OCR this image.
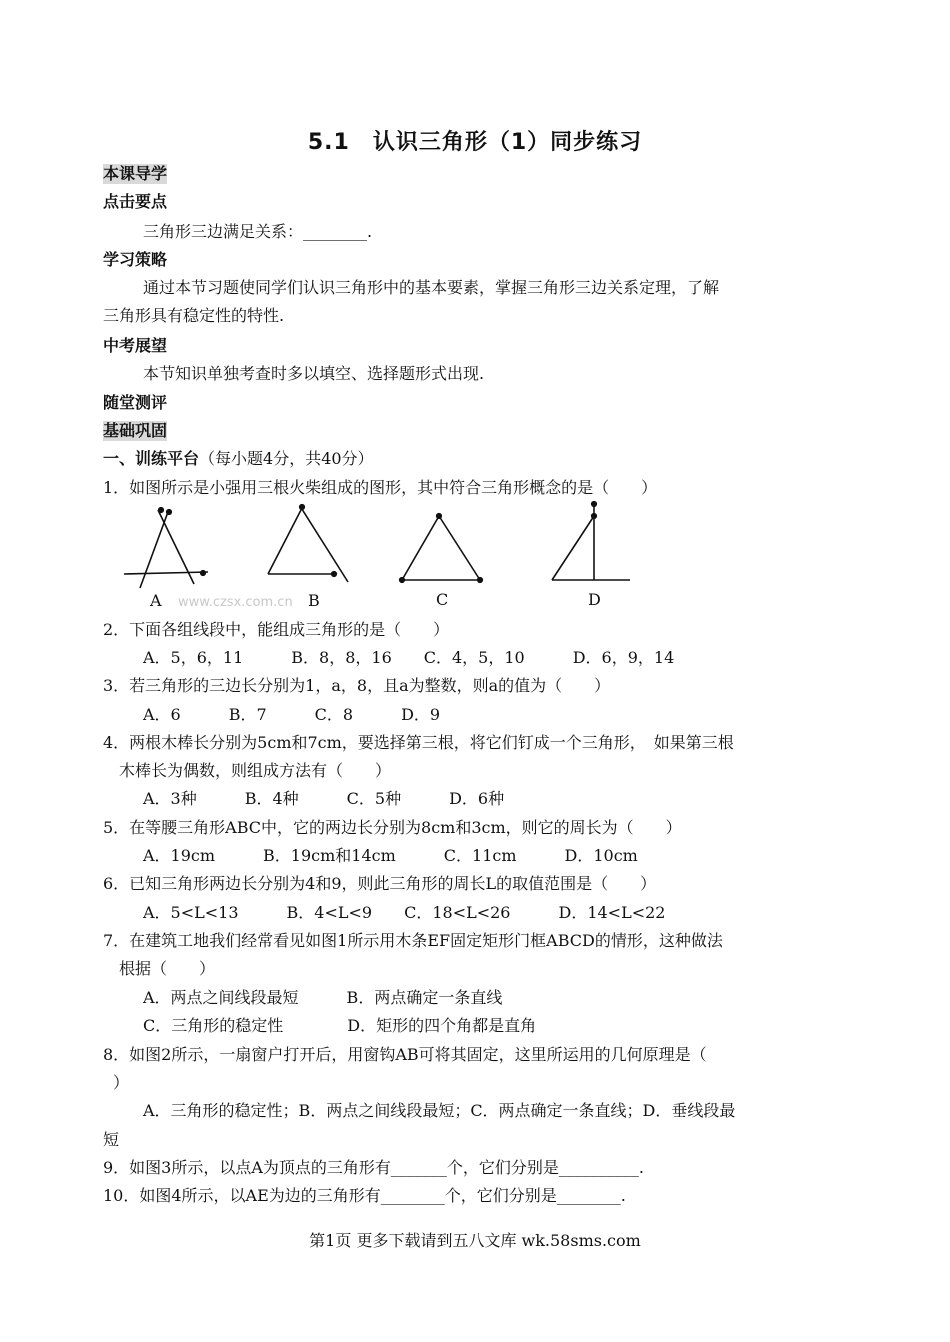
5.1　认识三角形（1）同步练习
本课导学
点击要点
三角形三边满足关系：________.
学习策略
通过本节习题使同学们认识三角形中的基本要素，掌握三角形三边关系定理，了解
三角形具有稳定性的特性.
中考展望
本节知识单独考查时多以填空、选择题形式出现.
随堂测评
基础巩固
一、训练平台（每小题4分，共40分）
1．如图所示是小强用三根火柴组成的图形，其中符合三角形概念的是（　　）
www.czsx.com.cn
A	B	C	D
2．下面各组线段中，能组成三角形的是（　　）
A．5，6，11　　　B．8，8，16　　C．4，5，10　　　D．6，9，14
3．若三角形的三边长分别为1，a，8，且a为整数，则a的值为（　　）
A．6　　　B．7　　　C．8　　　D．9
4．两根木棒长分别为5cm和7cm，要选择第三根，将它们钉成一个三角形，　如果第三根
木棒长为偶数，则组成方法有（　　）
A．3种　　　B．4种　　　C．5种　　　D．6种
5．在等腰三角形ABC中，它的两边长分别为8cm和3cm，则它的周长为（　　）
A．19cm　　　B．19cm和14cm　　　C．11cm　　　D．10cm
6．已知三角形两边长分别为4和9，则此三角形的周长L的取值范围是（　　）
A．5<L<13　　　B．4<L<9　　C．18<L<26　　　D．14<L<22
7．在建筑工地我们经常看见如图1所示用木条EF固定矩形门框ABCD的情形，这种做法
根据（　　）
A．两点之间线段最短　　　B．两点确定一条直线
C．三角形的稳定性　　　　D．矩形的四个角都是直角
8．如图2所示，一扇窗户打开后，用窗钩AB可将其固定，这里所运用的几何原理是（
）
A．三角形的稳定性；B．两点之间线段最短；C．两点确定一条直线；D．垂线段最
短
9．如图3所示，以点A为顶点的三角形有_______个，它们分别是__________.
10．如图4所示，以AE为边的三角形有________个，它们分别是________.
第1页 更多下载请到五八文库 wk.58sms.com
